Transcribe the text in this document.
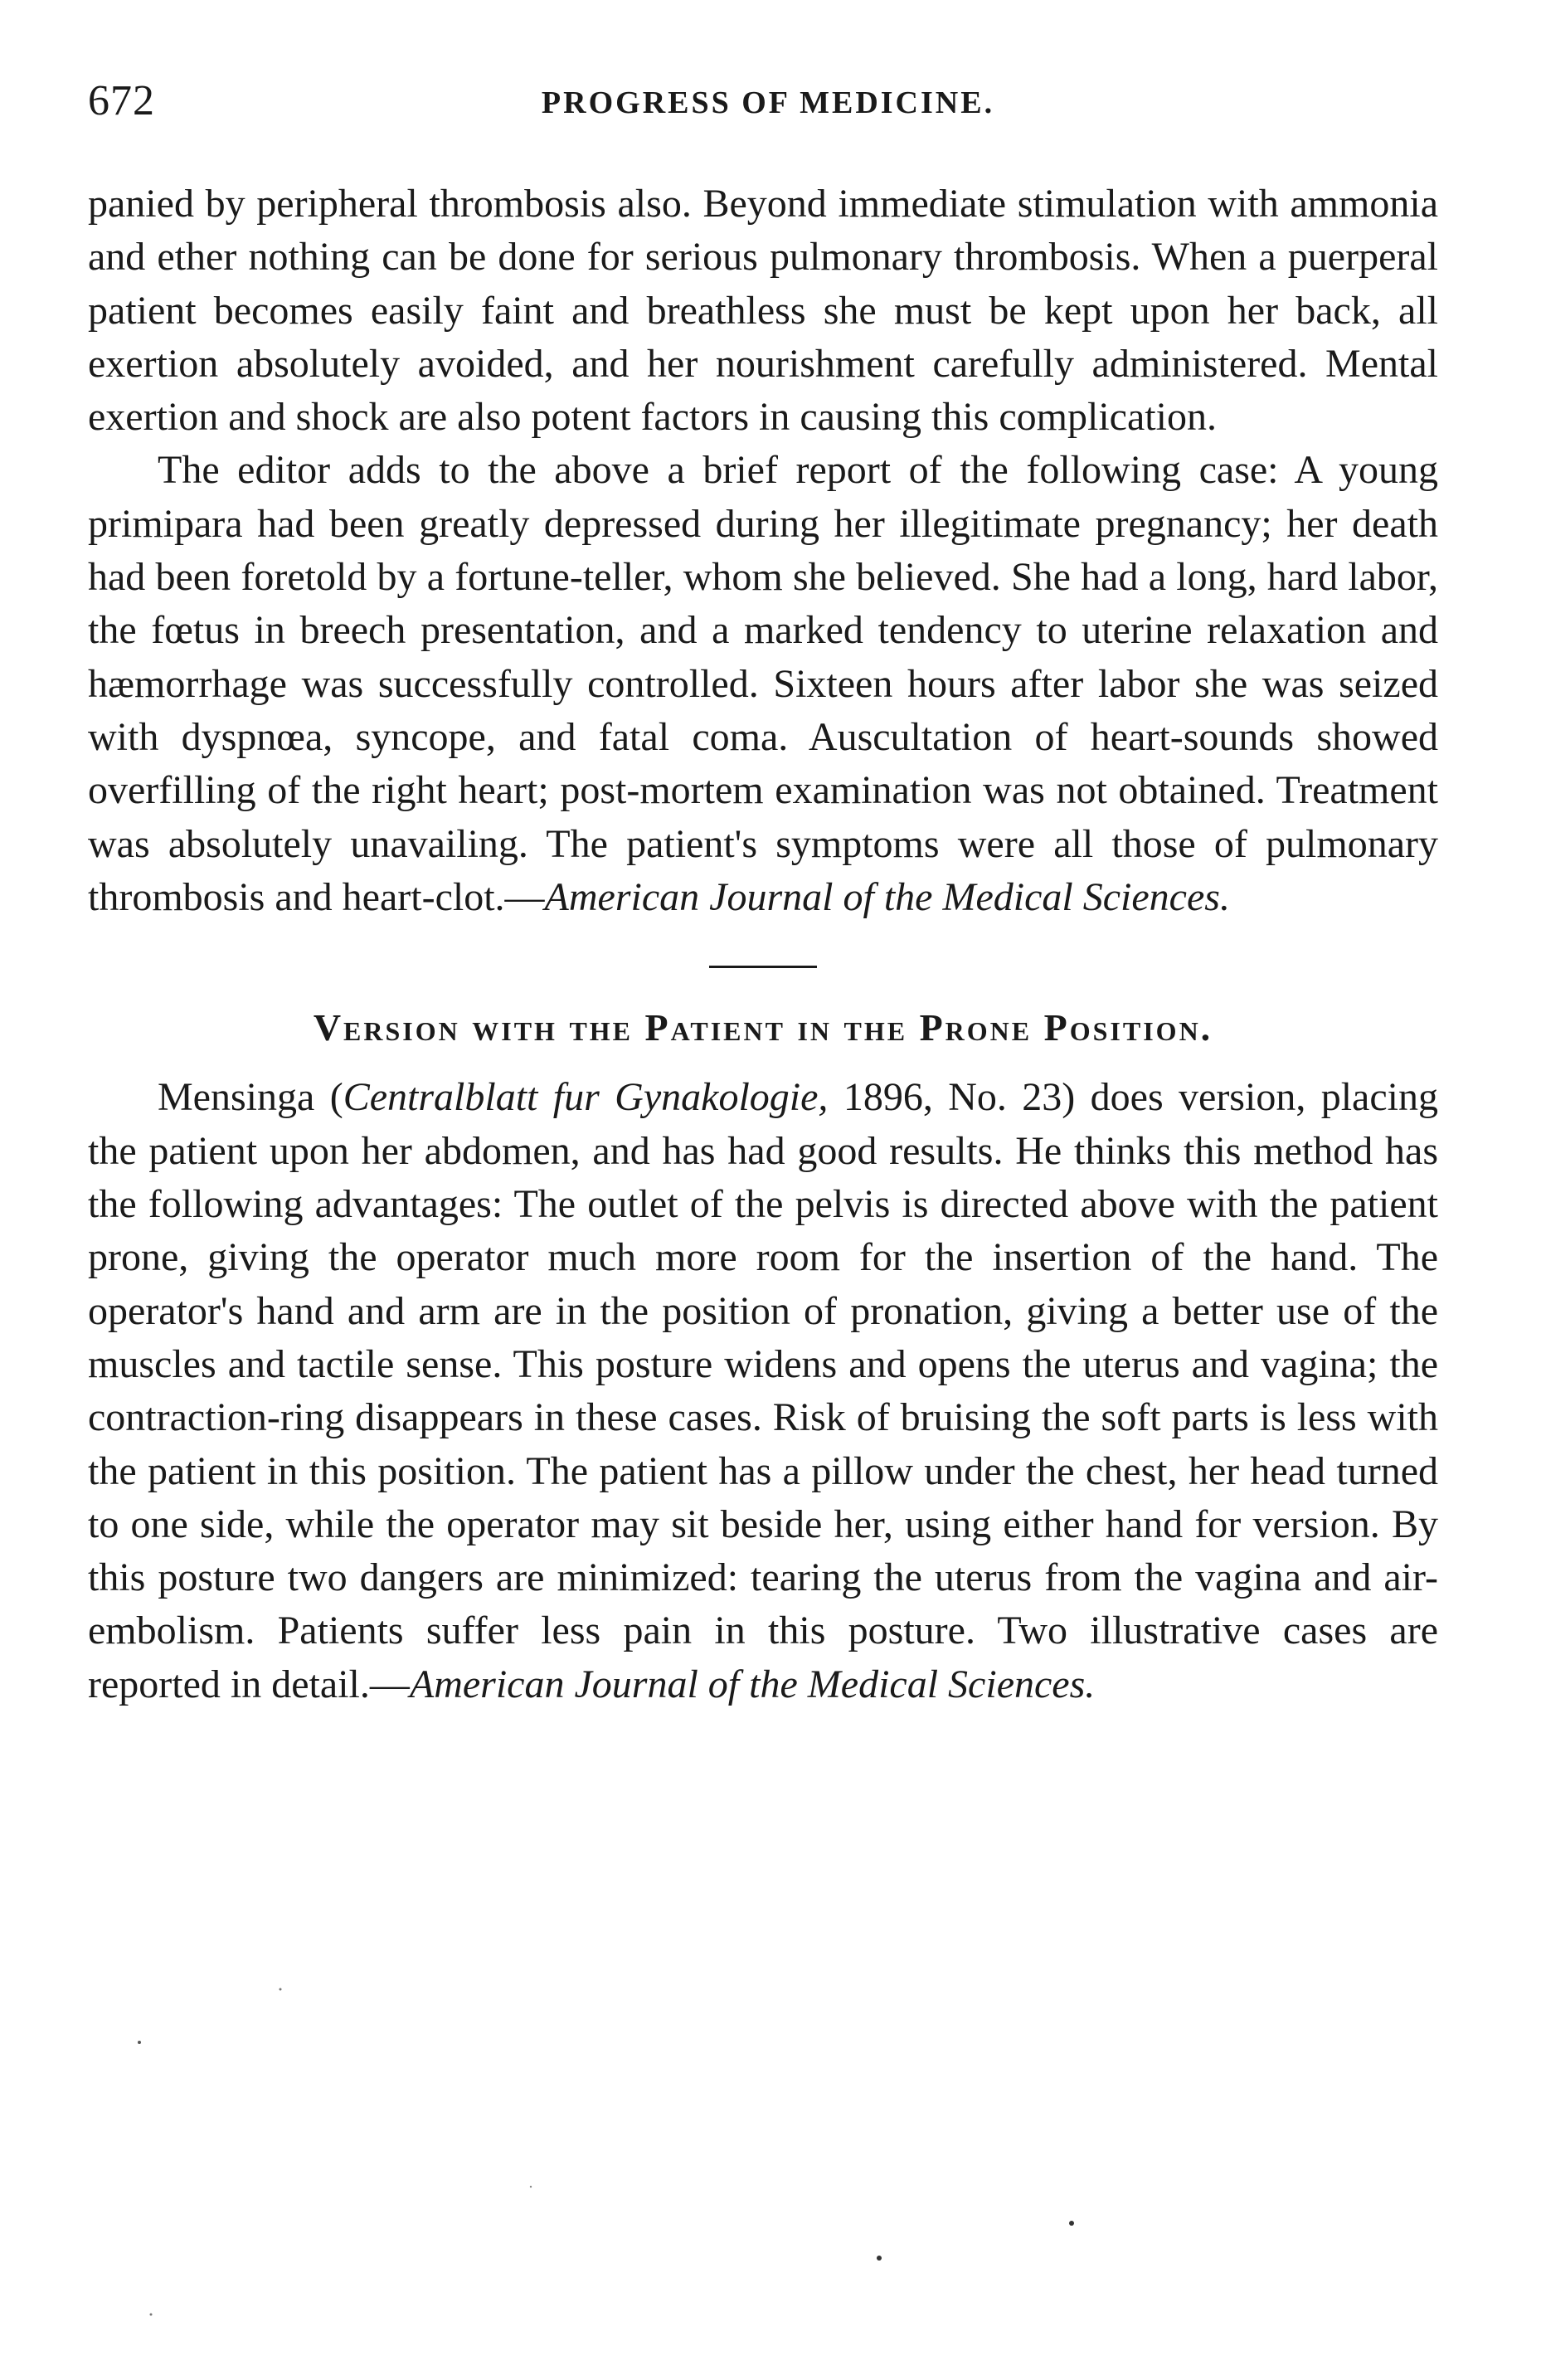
672	PROGRESS OF MEDICINE.

panied by peripheral thrombosis also. Beyond immediate stimulation with ammonia and ether nothing can be done for serious pulmonary thrombosis. When a puerperal patient becomes easily faint and breathless she must be kept upon her back, all exertion absolutely avoided, and her nourishment carefully administered. Mental exertion and shock are also potent factors in causing this complication.

The editor adds to the above a brief report of the following case: A young primipara had been greatly depressed during her illegitimate pregnancy; her death had been foretold by a fortune-teller, whom she believed. She had a long, hard labor, the fœtus in breech presentation, and a marked tendency to uterine relaxation and hæmorrhage was successfully controlled. Sixteen hours after labor she was seized with dyspnœa, syncope, and fatal coma. Auscultation of heart-sounds showed overfilling of the right heart; post-mortem examination was not obtained. Treatment was absolutely unavailing. The patient's symptoms were all those of pulmonary thrombosis and heart-clot.—American Journal of the Medical Sciences.

Version with the Patient in the Prone Position.

Mensinga (Centralblatt fur Gynakologie, 1896, No. 23) does version, placing the patient upon her abdomen, and has had good results. He thinks this method has the following advantages: The outlet of the pelvis is directed above with the patient prone, giving the operator much more room for the insertion of the hand. The operator's hand and arm are in the position of pronation, giving a better use of the muscles and tactile sense. This posture widens and opens the uterus and vagina; the contraction-ring disappears in these cases. Risk of bruising the soft parts is less with the patient in this position. The patient has a pillow under the chest, her head turned to one side, while the operator may sit beside her, using either hand for version. By this posture two dangers are minimized: tearing the uterus from the vagina and air-embolism. Patients suffer less pain in this posture. Two illustrative cases are reported in detail.—American Journal of the Medical Sciences.
